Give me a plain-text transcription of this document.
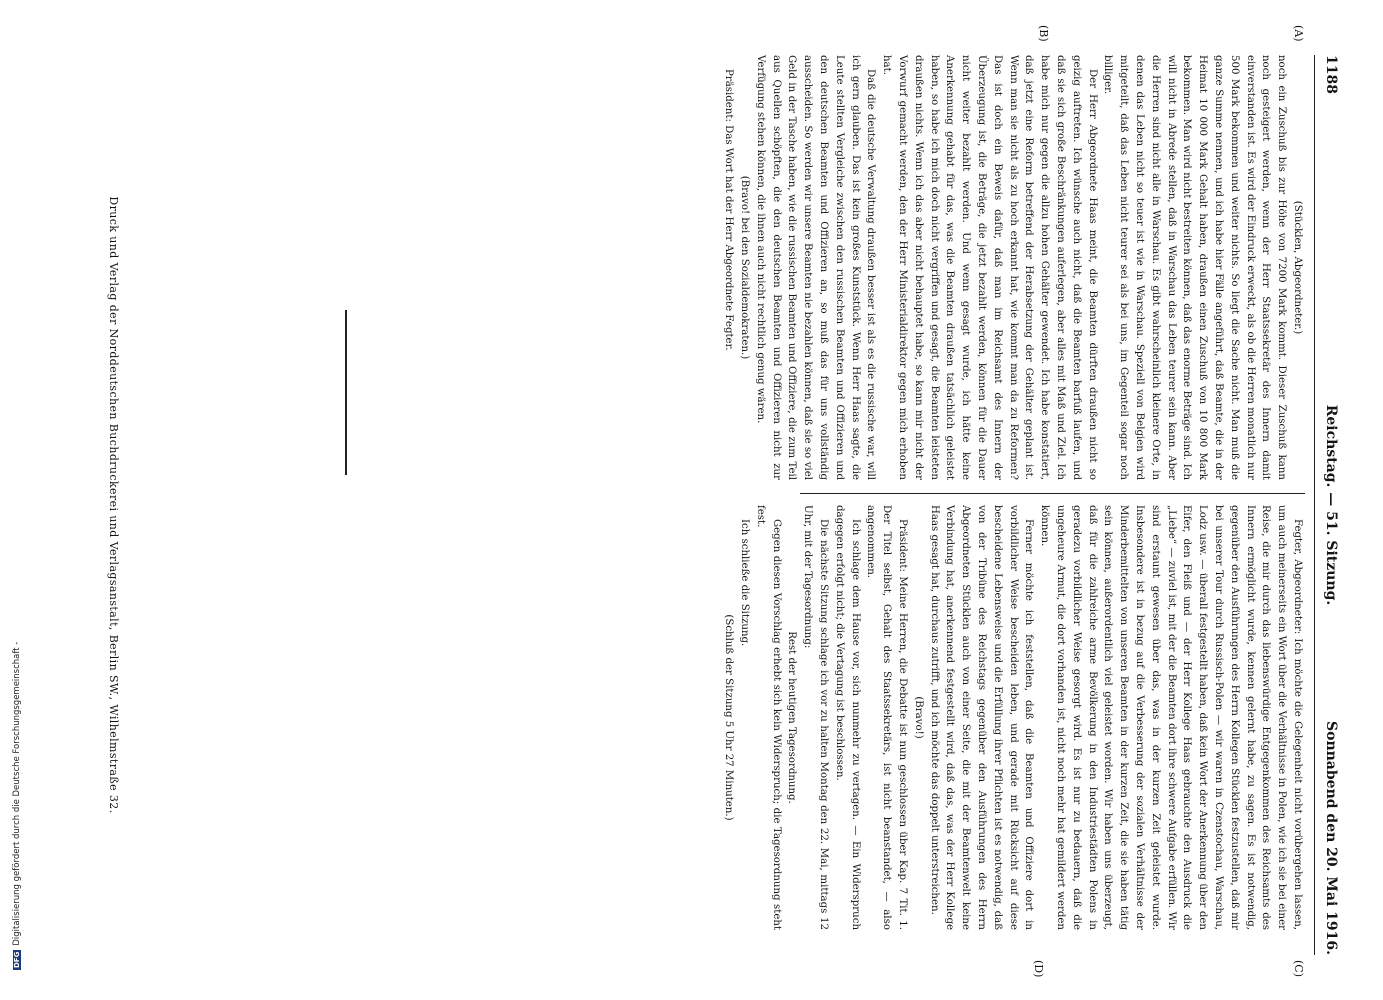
1188
Reichstag. — 51. Sitzung.
Sonnabend den 20. Mai 1916.
(A)
(B)
(C)
(D)

(Stücklen, Abgeordneter.)

noch ein Zuschuß bis zur Höhe von 7200 Mark kommt. Dieser Zuschuß kann noch gesteigert werden, wenn der Herr Staatssekretär des Innern damit einverstanden ist. Es wird der Eindruck erweckt, als ob die Herren monatlich nur 500 Mark bekommen und weiter nichts. So liegt die Sache nicht. Man muß die ganze Summe nennen, und ich habe hier Fälle angeführt, daß Beamte, die in der Heimat 10 000 Mark Gehalt haben, draußen einen Zuschuß von 10 800 Mark bekommen. Man wird nicht bestreiten können, daß das enorme Beträge sind. Ich will nicht in Abrede stellen, daß in Warschau das Leben teurer sein kann. Aber die Herren sind nicht alle in Warschau. Es gibt wahrscheinlich kleinere Orte, in denen das Leben nicht so teuer ist wie in Warschau. Speziell von Belgien wird mitgeteilt, daß das Leben nicht teurer sei als bei uns, im Gegenteil sogar noch billiger.

Der Herr Abgeordnete Haas meint, die Beamten dürften draußen nicht so geizig auftreten. Ich wünsche auch nicht, daß die Beamten barfuß laufen, und daß sie sich große Beschränkungen auferlegen, aber alles mit Maß und Ziel. Ich habe mich nur gegen die allzu hohen Gehälter gewendet. Ich habe konstatiert, daß jetzt eine Reform betreffend der Herabsetzung der Gehälter geplant ist. Wenn man sie nicht als zu hoch erkannt hat, wie kommt man da zu Reformen? Das ist doch ein Beweis dafür, daß man im Reichsamt des Innern der Überzeugung ist, die Beträge, die jetzt bezahlt werden, können für die Dauer nicht weiter bezahlt werden. Und wenn gesagt wurde, ich hätte keine Anerkennung gehabt für das, was die Beamten draußen tatsächlich geleistet haben, so habe ich mich doch nicht vergriffen und gesagt, die Beamten leisteten draußen nichts. Wenn ich das aber nicht behauptet habe, so kann mir nicht der Vorwurf gemacht werden, den der Herr Ministerialdirektor gegen mich erhoben hat.

Daß die deutsche Verwaltung draußen besser ist als es die russische war, will ich gern glauben. Das ist kein großes Kunststück. Wenn Herr Haas sagte, die Leute stellten Vergleiche zwischen den russischen Beamten und Offizieren und den deutschen Beamten und Offizieren an, so muß das für uns vollständig ausscheiden. So werden wir unsere Beamten nie bezahlen können, daß sie so viel Geld in der Tasche haben, wie die russischen Beamten und Offiziere, die zum Teil aus Quellen schöpften, die den deutschen Beamten und Offizieren nicht zur Verfügung stehen können, die ihnen auch nicht rechtlich genug wären.

(Bravo! bei den Sozialdemokraten.)

Präsident: Das Wort hat der Herr Abgeordnete Fegter.

Fegter, Abgeordneter: Ich möchte die Gelegenheit nicht vorübergehen lassen, um auch meinerseits ein Wort über die Verhältnisse in Polen, wie ich sie bei einer Reise, die mir durch das liebenswürdige Entgegenkommen des Reichsamts des Innern ermöglicht wurde, kennen gelernt habe, zu sagen. Es ist notwendig, gegenüber den Ausführungen des Herrn Kollegen Stücklen festzustellen, daß mir bei unserer Tour durch Russisch-Polen — wir waren in Czenstochau, Warschau, Lodz usw. — überall festgestellt haben, daß kein Wort der Anerkennung über den Eifer, den Fleiß und — der Herr Kollege Haas gebrauchte den Ausdruck die „Liebe“ — zuviel ist, mit der die Beamten dort ihre schwere Aufgabe erfüllen. Wir sind erstaunt gewesen über das, was in der kurzen Zeit geleistet wurde. Insbesondere ist in bezug auf die Verbesserung der sozialen Verhältnisse der Minderbemittelten von unseren Beamten in der kurzen Zeit, die sie haben tätig sein können, außerordentlich viel geleistet worden. Wir haben uns überzeugt, daß für die zahlreiche arme Bevölkerung in den Industriestädten Polens in geradezu vorbildlicher Weise gesorgt wird. Es ist nur zu bedauern, daß die ungeheure Armut, die dort vorhanden ist, nicht noch mehr hat gemildert werden können.

Ferner möchte ich feststellen, daß die Beamten und Offiziere dort in vorbildlicher Weise bescheiden leben, und gerade mit Rücksicht auf diese bescheidene Lebensweise und die Erfüllung ihrer Pflichten ist es notwendig, daß von der Tribüne des Reichstags gegenüber den Ausführungen des Herrn Abgeordneten Stücklen auch von einer Seite, die mit der Beamtenwelt keine Verbindung hat, anerkennend festgestellt wird, daß das, was der Herr Kollege Haas gesagt hat, durchaus zutrifft, und ich möchte das doppelt unterstreichen.

(Bravo!)

Präsident: Meine Herren, die Debatte ist nun geschlossen über Kap. 7 Tit. 1. Der Titel selbst, Gehalt des Staatssekretärs, ist nicht beanstandet, — also angenommen.

Ich schlage dem Hause vor, sich nunmehr zu vertagen. — Ein Widerspruch dagegen erfolgt nicht; die Vertagung ist beschlossen.

Die nächste Sitzung schlage ich vor zu halten Montag den 22. Mai, mittags 12 Uhr, mit der Tagesordnung:

Rest der heutigen Tagesordnung.

Gegen diesen Vorschlag erhebt sich kein Widerspruch; die Tagesordnung steht fest.

Ich schließe die Sitzung.

(Schluß der Sitzung 5 Uhr 27 Minuten.)

Druck und Verlag der Norddeutschen Buchdruckerei und Verlagsanstalt, Berlin SW., Wilhelmstraße 32.
DFG
Digitalisierung gefördert durch die Deutsche Forschungsgemeinschaft -
